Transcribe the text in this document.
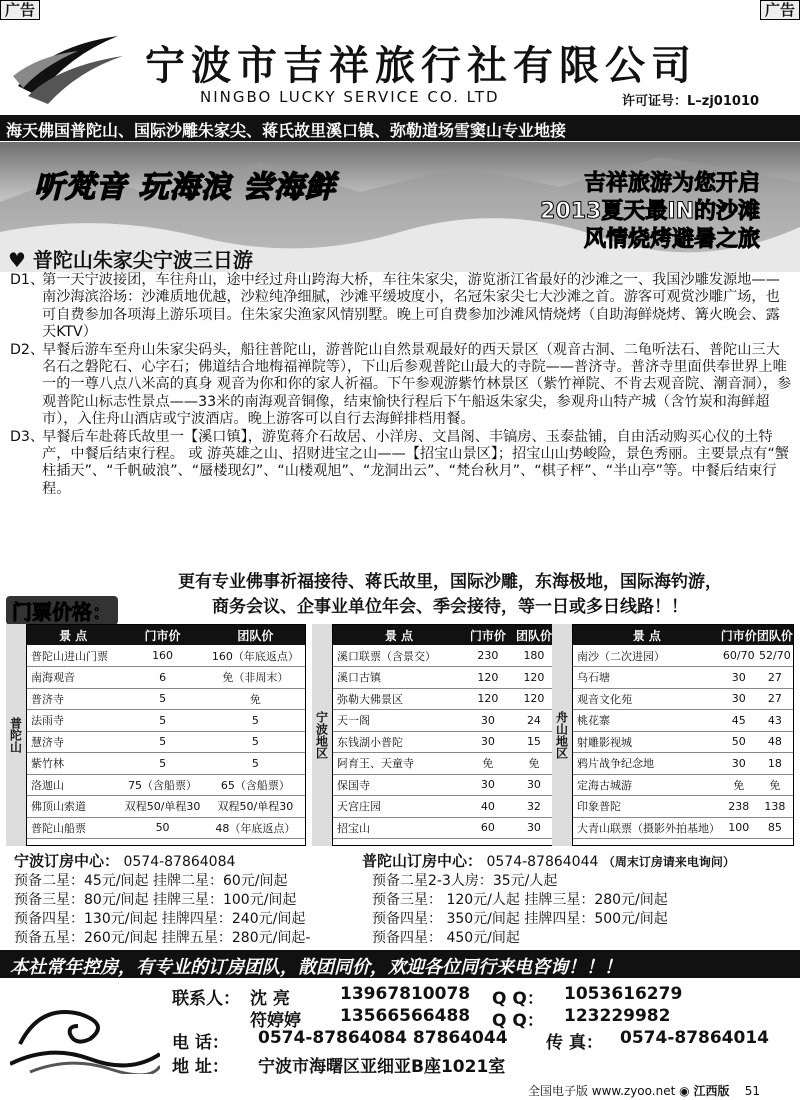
广告	广告
宁波市吉祥旅行社有限公司
NINGBO LUCKY SERVICE CO. LTD	许可证号：L–zj01010
海天佛国普陀山、国际沙雕朱家尖、蒋氏故里溪口镇、弥勒道场雪窦山专业地接
听梵音 玩海浪 尝海鲜	吉祥旅游为您开启
2013夏天最IN的沙滩
风情烧烤避暑之旅
♥ 普陀山朱家尖宁波三日游
D1、
第一天宁波接团，车往舟山，途中经过舟山跨海大桥，车往朱家尖，游览浙江省最好的沙滩之一、我国沙雕发源地——南沙海滨浴场：沙滩质地优越，沙粒纯净细腻，沙滩平缓坡度小，名冠朱家尖七大沙滩之首。游客可观赏沙雕广场，也可自费参加各项海上游乐项目。住朱家尖渔家风情别墅。晚上可自费参加沙滩风情烧烤（自助海鲜烧烤、篝火晚会、露天KTV）
D2、
早餐后游车至舟山朱家尖码头，船往普陀山，游普陀山自然景观最好的西天景区（观音古洞、二龟听法石、普陀山三大名石之磐陀石、心字石；佛道结合地梅福禅院等），下山后参观普陀山最大的寺院——普济寺。普济寺里面供奉世界上唯一的一尊八点八米高的真身 观音为你和你的家人祈福。下午参观游紫竹林景区（紫竹禅院、不肯去观音院、潮音洞），参观普陀山标志性景点——33米的南海观音铜像，结束愉快行程后下午船返朱家尖，参观舟山特产城（含竹炭和海鲜超市），入住舟山酒店或宁波酒店。晚上游客可以自行去海鲜排档用餐。
D3、
早餐后车赴蒋氏故里一【溪口镇】，游览蒋介石故居、小洋房、文昌阁、丰镐房、玉泰盐铺，自由活动购买心仪的土特产，中餐后结束行程。 或 游英雄之山、招财进宝之山——【招宝山景区】；招宝山山势峻险，景色秀丽。主要景点有“蟹柱插天”、“千帆破浪”、“蜃楼现幻”、“山楼观旭”、“龙洞出云”、“梵台秋月”、“棋子枰”、“半山亭”等。中餐后结束行程。
更有专业佛事祈福接待、蒋氏故里，国际沙雕，东海极地，国际海钓游，
商务会议、企事业单位年会、季会接待，等一日或多日线路！！
门票价格：
普陀山
景 点	门市价	团队价
普陀山进山门票	160	160（年底返点）
南海观音	6	免（非周末）
普济寺	5	免
法雨寺	5	5
慧济寺	5	5
紫竹林	5	5
洛迦山	75（含船票）	65（含船票）
佛顶山索道	双程50/单程30	双程50/单程30
普陀山船票	50	48（年底返点）
宁波地区
景 点	门市价	团队价
溪口联票（含景交）	230	180
溪口古镇	120	120
弥勒大佛景区	120	120
天一阁	30	24
东钱湖小普陀	30	15
阿育王、天童寺	免	免
保国寺	30	30
天宫庄园	40	32
招宝山	60	30
舟山地区
景 点	门市价	团队价
南沙（二次进园）	60/70	52/70
乌石塘	30	27
观音文化苑	30	27
桃花寨	45	43
射雕影视城	50	48
鸦片战争纪念地	30	18
定海古城游	免	免
印象普陀	238	138
大青山联票（摄影外拍基地）	100	85
宁波订房中心： 0574-87864084
预备二星：45元/间起 挂牌二星：60元/间起
预备三星：80元/间起 挂牌三星：100元/间起
预备四星：130元/间起 挂牌四星：240元/间起
预备五星：260元/间起 挂牌五星：280元/间起-
普陀山订房中心： 0574-87864044 （周末订房请来电询问）
预备二星2-3人房：35元/人起
预备三星： 120元/人起 挂牌三星：280元/间起
预备四星： 350元/间起 挂牌四星：500元/间起
预备四星： 450元/间起
本社常年控房，有专业的订房团队，散团同价，欢迎各位同行来电咨询！！！
联系人： 沈 亮	13967810078 Q Q： 1053616279
符婷婷 13566566488 Q Q： 123229982
电 话： 0574-87864084 87864044 传 真： 0574-87864014
地 址： 宁波市海曙区亚细亚B座1021室
全国电子版 www.zyoo.net ◉ 江西版 51
